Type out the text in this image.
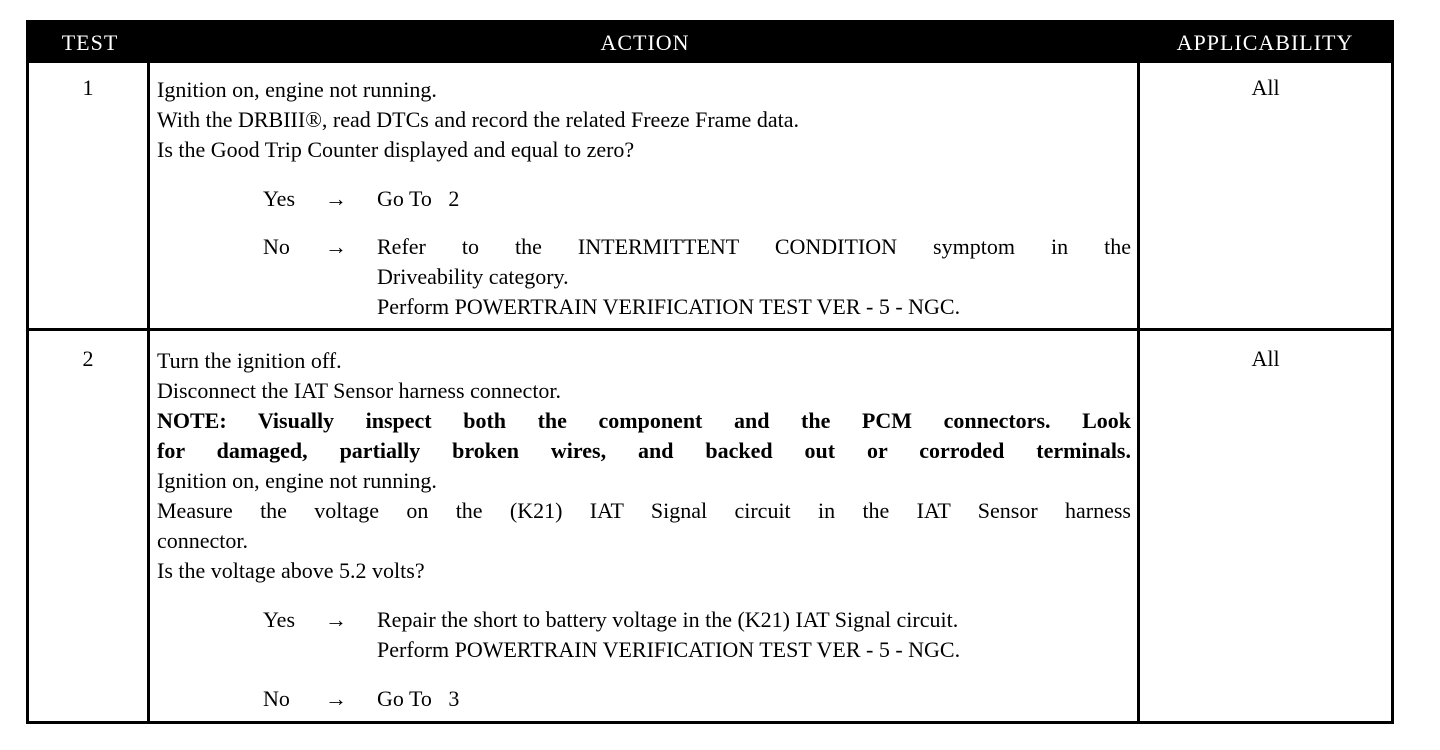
TEST	ACTION	APPLICABILITY
1	Ignition on, engine not running.
With the DRBIII®, read DTCs and record the related Freeze Frame data.
Is the Good Trip Counter displayed and equal to zero?
Yes	→	Go To   2
No	→	Refer to the INTERMITTENT CONDITION symptom in the
Driveability category.
Perform POWERTRAIN VERIFICATION TEST VER - 5 - NGC.
All
2	Turn the ignition off.
Disconnect the IAT Sensor harness connector.
NOTE: Visually inspect both the component and the PCM connectors. Look
for damaged, partially broken wires, and backed out or corroded terminals.
Ignition on, engine not running.
Measure the voltage on the (K21) IAT Signal circuit in the IAT Sensor harness
connector.
Is the voltage above 5.2 volts?
Yes	→	Repair the short to battery voltage in the (K21) IAT Signal circuit.
Perform POWERTRAIN VERIFICATION TEST VER - 5 - NGC.
No	→	Go To   3
All
